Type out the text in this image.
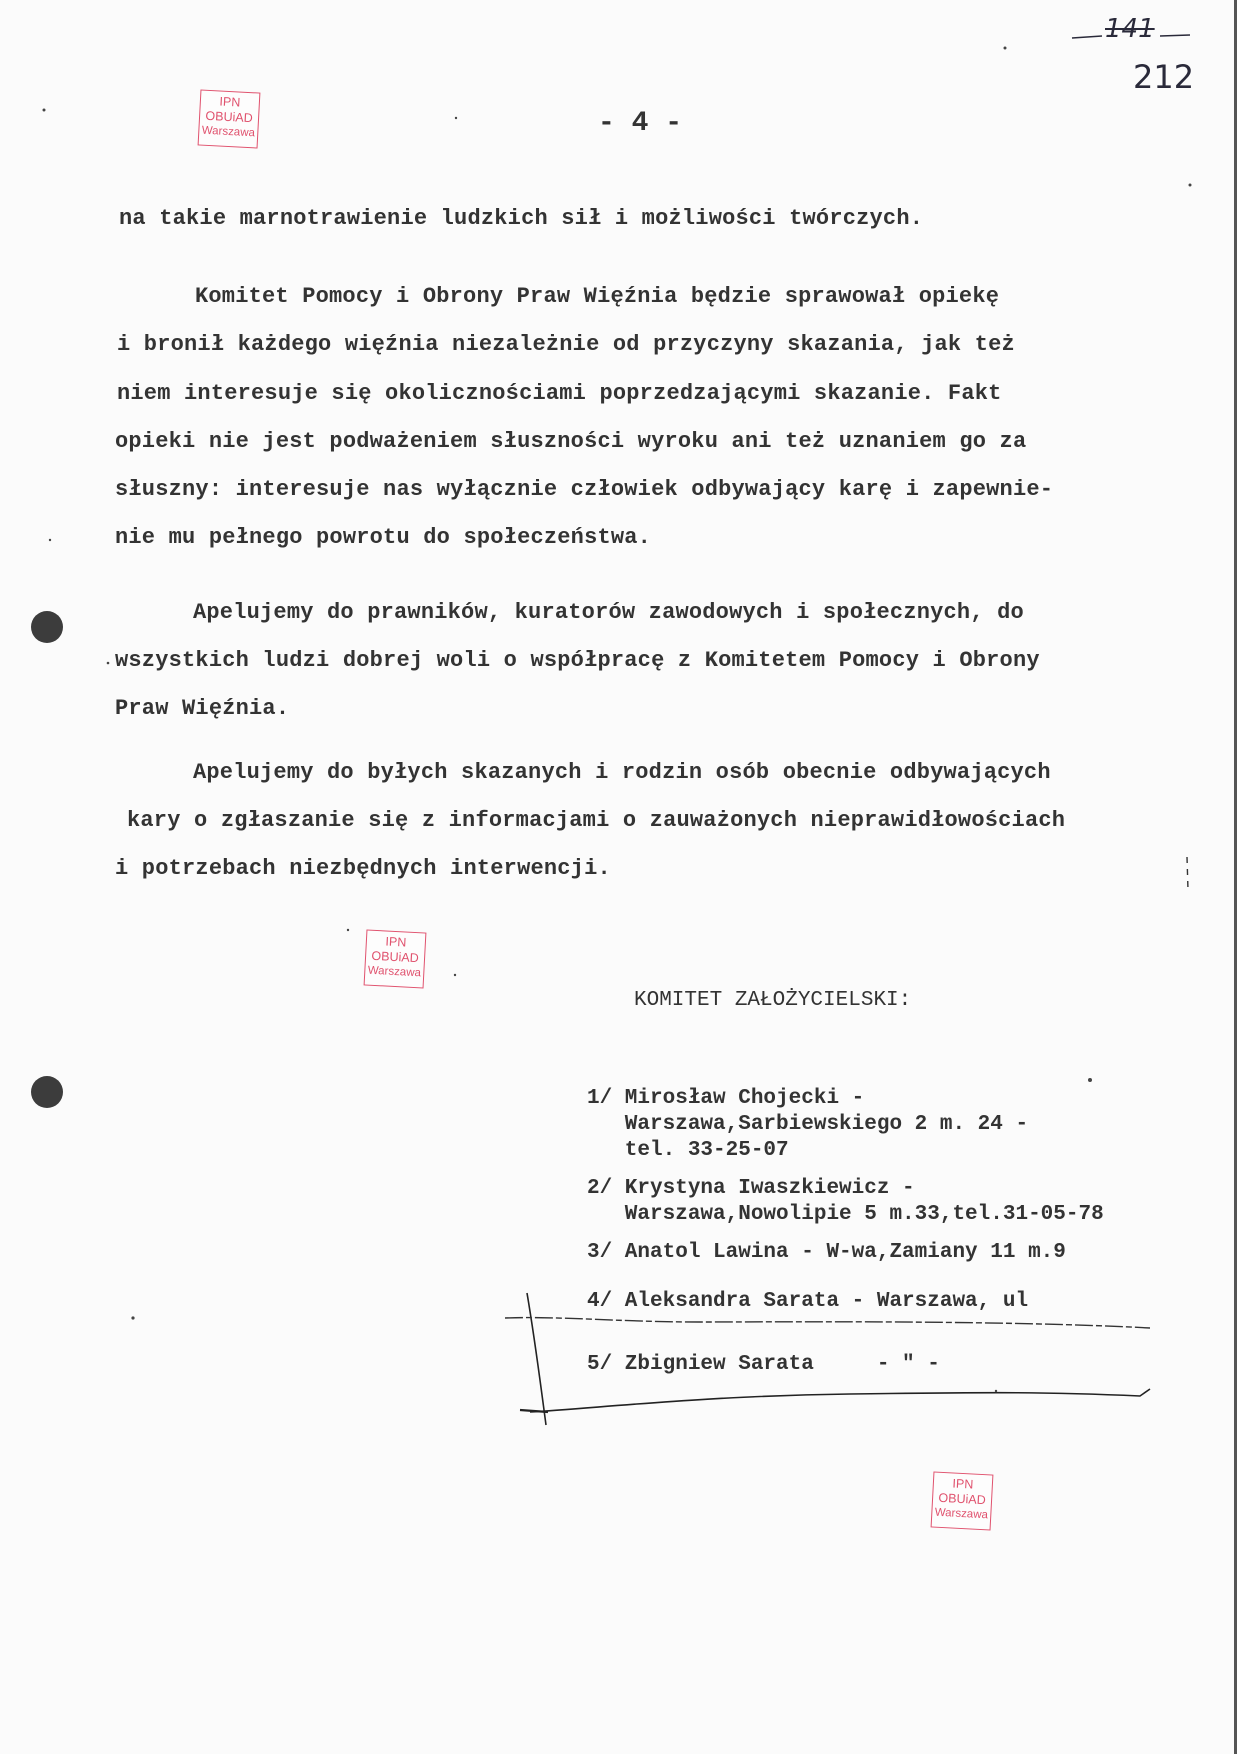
141
212
IPN
OBUiAD
Warszawa
IPN
OBUiAD
Warszawa
IPN
OBUiAD
Warszawa
- 4 -
na takie marnotrawienie ludzkich sił i możliwości twórczych.
Komitet Pomocy i Obrony Praw Więźnia będzie sprawował opiekę
i bronił każdego więźnia niezależnie od przyczyny skazania, jak też
niem interesuje się okolicznościami poprzedzającymi skazanie. Fakt
opieki nie jest podważeniem słuszności wyroku ani też uznaniem go za
słuszny: interesuje nas wyłącznie człowiek odbywający karę i zapewnie-
nie mu pełnego powrotu do społeczeństwa.
Apelujemy do prawników, kuratorów zawodowych i społecznych, do
wszystkich ludzi dobrej woli o współpracę z Komitetem Pomocy i Obrony
Praw Więźnia.
Apelujemy do byłych skazanych i rodzin osób obecnie odbywających
kary o zgłaszanie się z informacjami o zauważonych nieprawidłowościach
i potrzebach niezbędnych interwencji.
KOMITET ZAŁOŻYCIELSKI:
1/ Mirosław Chojecki -
Warszawa,Sarbiewskiego 2 m. 24 -
tel. 33-25-07
2/ Krystyna Iwaszkiewicz -
Warszawa,Nowolipie 5 m.33,tel.31-05-78
3/ Anatol Lawina - W-wa,Zamiany 11 m.9
4/ Aleksandra Sarata - Warszawa, ul
5/ Zbigniew Sarata     - " -
